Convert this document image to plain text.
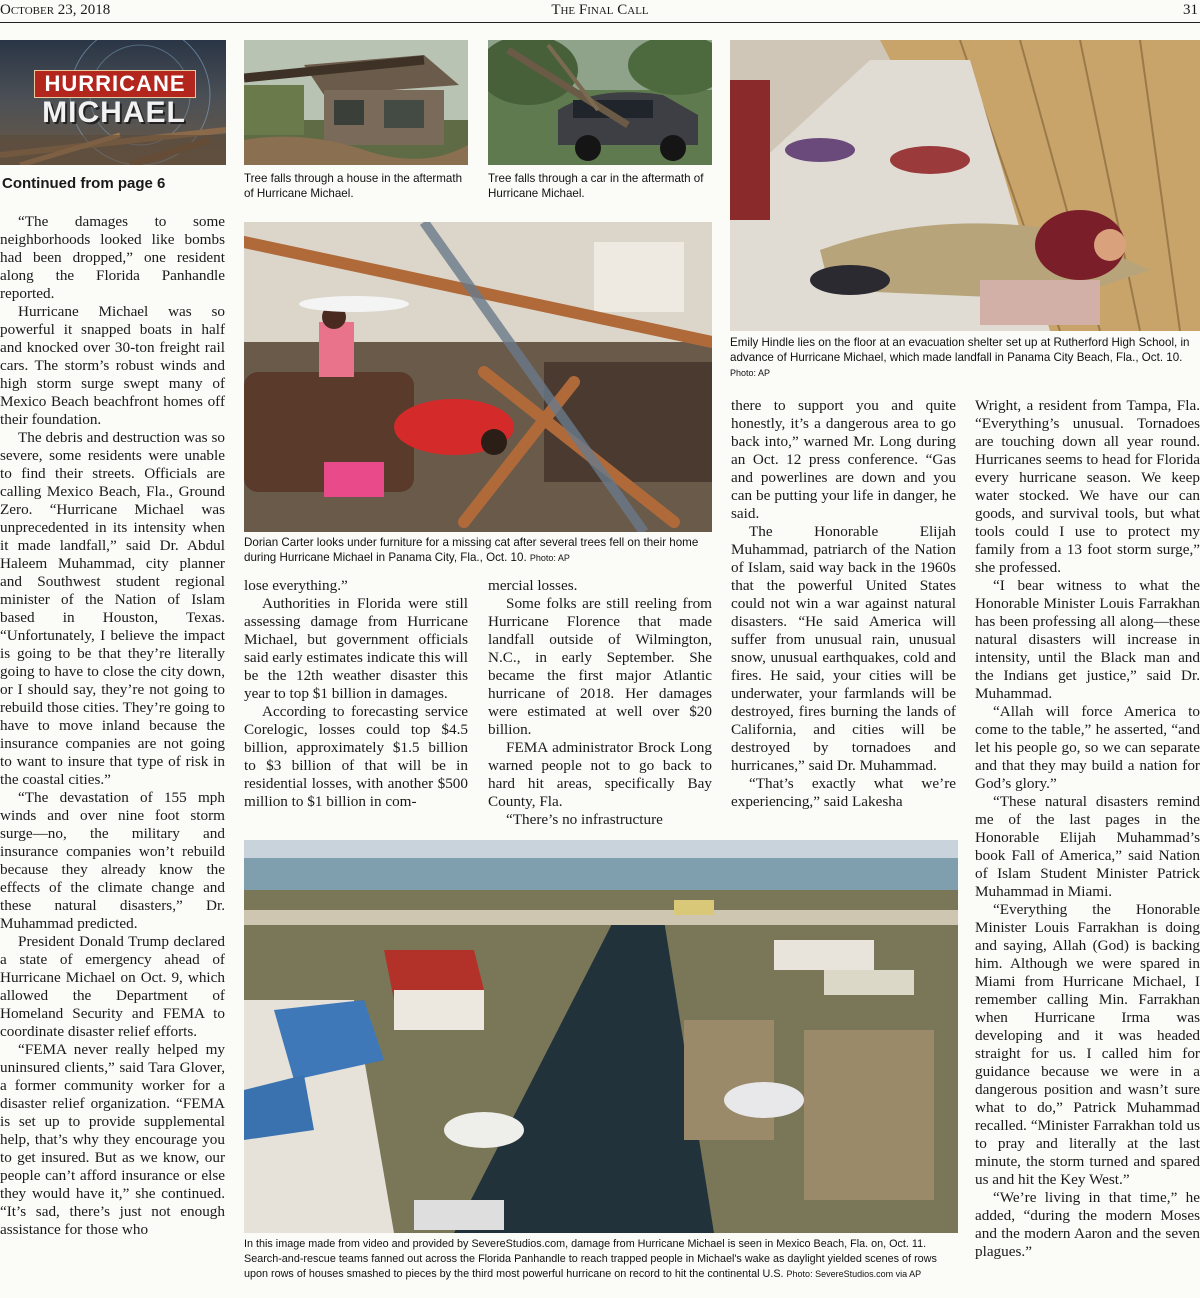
October 23, 2018	The Final Call	31
HURRICANE
MICHAEL
Continued from page 6	Tree falls through a house in the aftermath of Hurricane Michael.
Tree falls through a car in the aftermath of Hurricane Michael.
Emily Hindle lies on the floor at an evacuation shelter set up at Rutherford High School, in advance of Hurricane Michael, which made landfall in Panama City Beach, Fla., Oct. 10. Photo: AP
Dorian Carter looks under furniture for a missing cat after several trees fell on their home during Hurricane Michael in Panama City, Fla., Oct. 10. Photo: AP
In this image made from video and provided by SevereStudios.com, damage from Hurricane Michael is seen in Mexico Beach, Fla. on, Oct. 11. Search-and-rescue teams fanned out across the Florida Panhandle to reach trapped people in Michael's wake as daylight yielded scenes of rows upon rows of houses smashed to pieces by the third most powerful hurricane on record to hit the continental U.S. Photo: SevereStudios.com via AP

“The damages to some neighborhoods looked like bombs had been dropped,” one resident along the Florida Panhandle reported.

Hurricane Michael was so powerful it snapped boats in half and knocked over 30-ton freight rail cars. The storm’s robust winds and high storm surge swept many of Mexico Beach beachfront homes off their foundation.

The debris and destruction was so severe, some residents were unable to find their streets. Officials are calling Mexico Beach, Fla., Ground Zero. “Hurricane Michael was unprecedented in its intensity when it made landfall,” said Dr. Abdul Haleem Muhammad, city planner and Southwest student regional minister of the Nation of Islam based in Houston, Texas. “Unfortunately, I believe the impact is going to be that they’re literally going to have to close the city down, or I should say, they’re not going to rebuild those cities. They’re going to have to move inland because the insurance companies are not going to want to insure that type of risk in the coastal cities.”

“The devastation of 155 mph winds and over nine foot storm surge—no, the military and insurance companies won’t rebuild because they already know the effects of the climate change and these natural disasters,” Dr. Muhammad predicted.

President Donald Trump declared a state of emergency ahead of Hurricane Michael on Oct. 9, which allowed the Department of Homeland Security and FEMA to coordinate disaster relief efforts.

“FEMA never really helped my uninsured clients,” said Tara Glover, a former community worker for a disaster relief organization. “FEMA is set up to provide supplemental help, that’s why they encourage you to get insured. But as we know, our people can’t afford insurance or else they would have it,” she continued. “It’s sad, there’s just not enough assistance for those who

lose everything.”

Authorities in Florida were still assessing damage from Hurricane Michael, but government officials said early estimates indicate this will be the 12th weather disaster this year to top $1 billion in damages.

According to forecasting service Corelogic, losses could top $4.5 billion, approximately $1.5 billion to $3 billion of that will be in residential losses, with another $500 million to $1 billion in com-

mercial losses.

Some folks are still reeling from Hurricane Florence that made landfall outside of Wilmington, N.C., in early September. She became the first major Atlantic hurricane of 2018. Her damages were estimated at well over $20 billion.

FEMA administrator Brock Long warned people not to go back to hard hit areas, specifically Bay County, Fla.

“There’s no infrastructure

there to support you and quite honestly, it’s a dangerous area to go back into,” warned Mr. Long during an Oct. 12 press conference. “Gas and powerlines are down and you can be putting your life in danger, he said.

The Honorable Elijah Muhammad, patriarch of the Nation of Islam, said way back in the 1960s that the powerful United States could not win a war against natural disasters. “He said America will suffer from unusual rain, unusual snow, unusual earthquakes, cold and fires. He said, your cities will be underwater, your farmlands will be destroyed, fires burning the lands of California, and cities will be destroyed by tornadoes and hurricanes,” said Dr. Muhammad.

“That’s exactly what we’re experiencing,” said Lakesha

Wright, a resident from Tampa, Fla. “Everything’s unusual. Tornadoes are touching down all year round. Hurricanes seems to head for Florida every hurricane season. We keep water stocked. We have our can goods, and survival tools, but what tools could I use to protect my family from a 13 foot storm surge,” she professed.

“I bear witness to what the Honorable Minister Louis Farrakhan has been professing all along—these natural disasters will increase in intensity, until the Black man and the Indians get justice,” said Dr. Muhammad.

“Allah will force America to come to the table,” he asserted, “and let his people go, so we can separate and that they may build a nation for God’s glory.”

“These natural disasters remind me of the last pages in the Honorable Elijah Muhammad’s book Fall of America,” said Nation of Islam Student Minister Patrick Muhammad in Miami.

“Everything the Honorable Minister Louis Farrakhan is doing and saying, Allah (God) is backing him. Although we were spared in Miami from Hurricane Michael, I remember calling Min. Farrakhan when Hurricane Irma was developing and it was headed straight for us. I called him for guidance because we were in a dangerous position and wasn’t sure what to do,” Patrick Muhammad recalled. “Minister Farrakhan told us to pray and literally at the last minute, the storm turned and spared us and hit the Key West.”

“We’re living in that time,” he added, “during the modern Moses and the modern Aaron and the seven plagues.”
